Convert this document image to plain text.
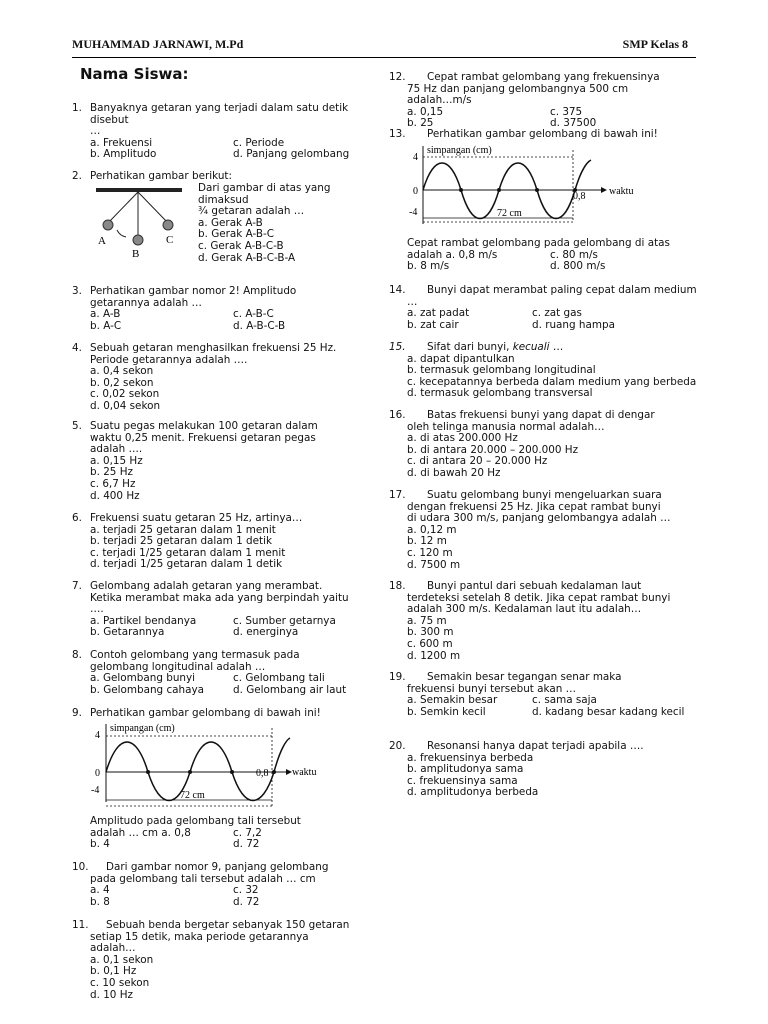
MUHAMMAD JARNAWI, M.Pd	SMP Kelas 8
Nama Siswa:
1. Banyaknya getaran yang terjadi dalam satu detik
disebut
…
a. Frekuensi	c. Periode
b. Amplitudo	d. Panjang gelombang
2. Perhatikan gambar berikut:
A
B
C
Dari gambar di atas yang
dimaksud
¾ getaran adalah …
a. Gerak A-B
b. Gerak A-B-C
c. Gerak A-B-C-B
d. Gerak A-B-C-B-A
3. Perhatikan gambar nomor 2! Amplitudo
getarannya adalah …
a. A-B	c. A-B-C
b. A-C	d. A-B-C-B
4. Sebuah getaran menghasilkan frekuensi 25 Hz.
Periode getarannya adalah ….
a. 0,4 sekon
b. 0,2 sekon
c. 0,02 sekon
d. 0,04 sekon
5. Suatu pegas melakukan 100 getaran dalam
waktu 0,25 menit. Frekuensi getaran pegas
adalah ….
a. 0,15 Hz
b. 25 Hz
c. 6,7 Hz
d. 400 Hz
6. Frekuensi suatu getaran 25 Hz, artinya…
a. terjadi 25 getaran dalam 1 menit
b. terjadi 25 getaran dalam 1 detik
c. terjadi 1/25 getaran dalam 1 menit
d. terjadi 1/25 getaran dalam 1 detik
7. Gelombang adalah getaran yang merambat.
Ketika merambat maka ada yang berpindah yaitu
….
a. Partikel bendanya	c. Sumber getarnya
b. Getarannya	d. energinya
8. Contoh gelombang yang termasuk pada
gelombang longitudinal adalah …
a. Gelombang bunyi	c. Gelombang tali
b. Gelombang cahaya	d. Gelombang air laut
9. Perhatikan gambar gelombang di bawah ini!
simpangan (cm)
waktu
4
0
-4
0,8
72 cm
Amplitudo pada gelombang tali tersebut
adalah … cm a. 0,8	c. 7,2
b. 4	d. 72
10. Dari gambar nomor 9, panjang gelombang
pada gelombang tali tersebut adalah … cm
a. 4	c. 32
b. 8	d. 72
11. Sebuah benda bergetar sebanyak 150 getaran
setiap 15 detik, maka periode getarannya
adalah…
a. 0,1 sekon
b. 0,1 Hz
c. 10 sekon
d. 10 Hz
12. Cepat rambat gelombang yang frekuensinya
75 Hz dan panjang gelombangnya 500 cm
adalah…m/s
a. 0,15	c. 375
b. 25	d. 37500
13. Perhatikan gambar gelombang di bawah ini!
simpangan (cm)
waktu
4
0
-4
0,8
72 cm
Cepat rambat gelombang pada gelombang di atas
adalah a. 0,8 m/s	c. 80 m/s
b. 8 m/s	d. 800 m/s
14. Bunyi dapat merambat paling cepat dalam medium
…
a. zat padat	c. zat gas
b. zat cair	d. ruang hampa
15. Sifat dari bunyi, kecuali …
a. dapat dipantulkan
b. termasuk gelombang longitudinal
c. kecepatannya berbeda dalam medium yang berbeda
d. termasuk gelombang transversal
16. Batas frekuensi bunyi yang dapat di dengar
oleh telinga manusia normal adalah…
a. di atas 200.000 Hz
b. di antara 20.000 – 200.000 Hz
c. di antara 20 – 20.000 Hz
d. di bawah 20 Hz
17. Suatu gelombang bunyi mengeluarkan suara
dengan frekuensi 25 Hz. Jika cepat rambat bunyi
di udara 300 m/s, panjang gelombangya adalah …
a. 0,12 m
b. 12 m
c. 120 m
d. 7500 m
18. Bunyi pantul dari sebuah kedalaman laut
terdeteksi setelah 8 detik. Jika cepat rambat bunyi
adalah 300 m/s. Kedalaman laut itu adalah…
a. 75 m
b. 300 m
c. 600 m
d. 1200 m
19. Semakin besar tegangan senar maka
frekuensi bunyi tersebut akan …
a. Semakin besar	c. sama saja
b. Semkin kecil	d. kadang besar kadang kecil
20. Resonansi hanya dapat terjadi apabila ….
a. frekuensinya berbeda
b. amplitudonya sama
c. frekuensinya sama
d. amplitudonya berbeda
